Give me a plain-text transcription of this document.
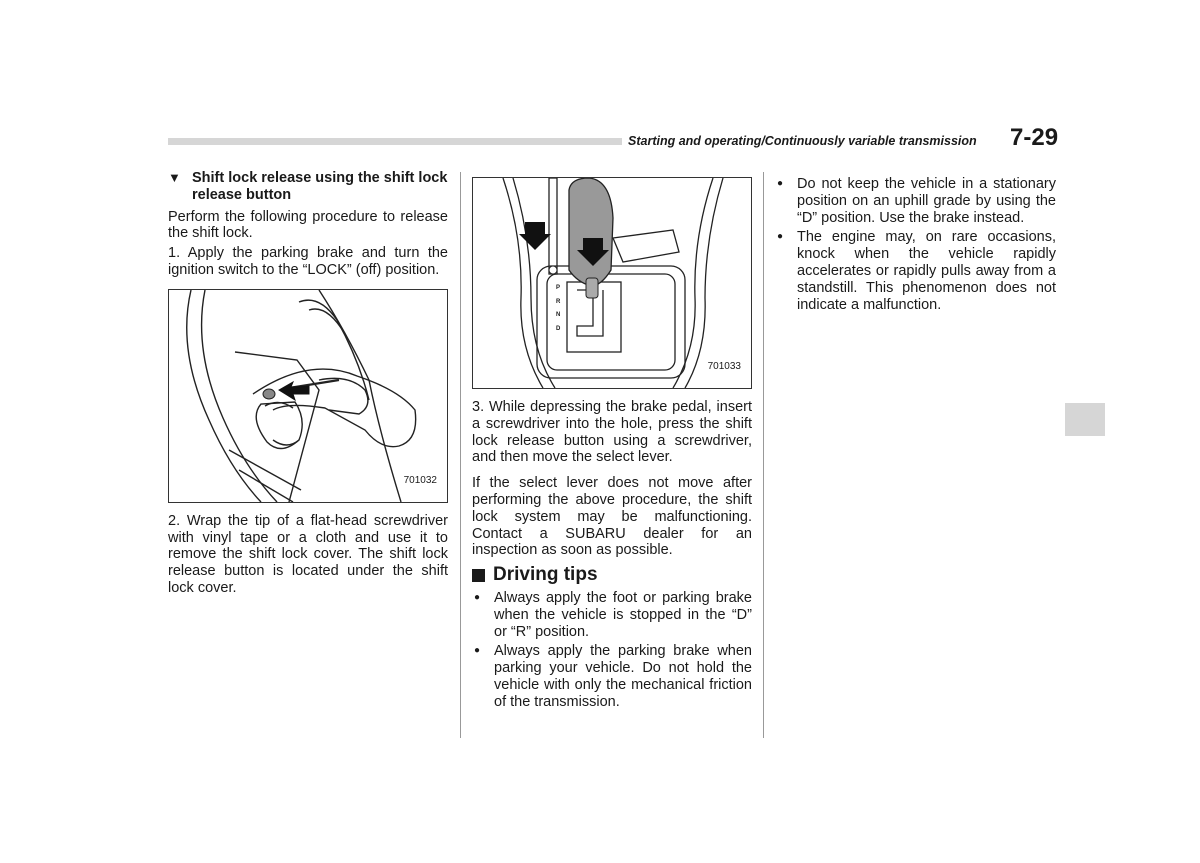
Starting and operating/Continuously variable transmission	7-29
▼ Shift lock release using the shift lock release button

Perform the following procedure to release the shift lock.

1. Apply the parking brake and turn the ignition switch to the “LOCK” (off) position.

701032

2. Wrap the tip of a flat-head screwdriver with vinyl tape or a cloth and use it to remove the shift lock cover. The shift lock release button is located under the shift lock cover.

P
R
N
D
701033

3. While depressing the brake pedal, insert a screwdriver into the hole, press the shift lock release button using a screwdriver, and then move the select lever.

If the select lever does not move after performing the above procedure, the shift lock system may be malfunctioning. Contact a SUBARU dealer for an inspection as soon as possible.

Driving tips
● Always apply the foot or parking brake when the vehicle is stopped in the “D” or “R” position.
● Always apply the parking brake when parking your vehicle. Do not hold the vehicle with only the mechanical friction of the transmission.
● Do not keep the vehicle in a stationary position on an uphill grade by using the “D” position. Use the brake instead.
● The engine may, on rare occasions, knock when the vehicle rapidly accelerates or rapidly pulls away from a standstill. This phenomenon does not indicate a malfunction.
